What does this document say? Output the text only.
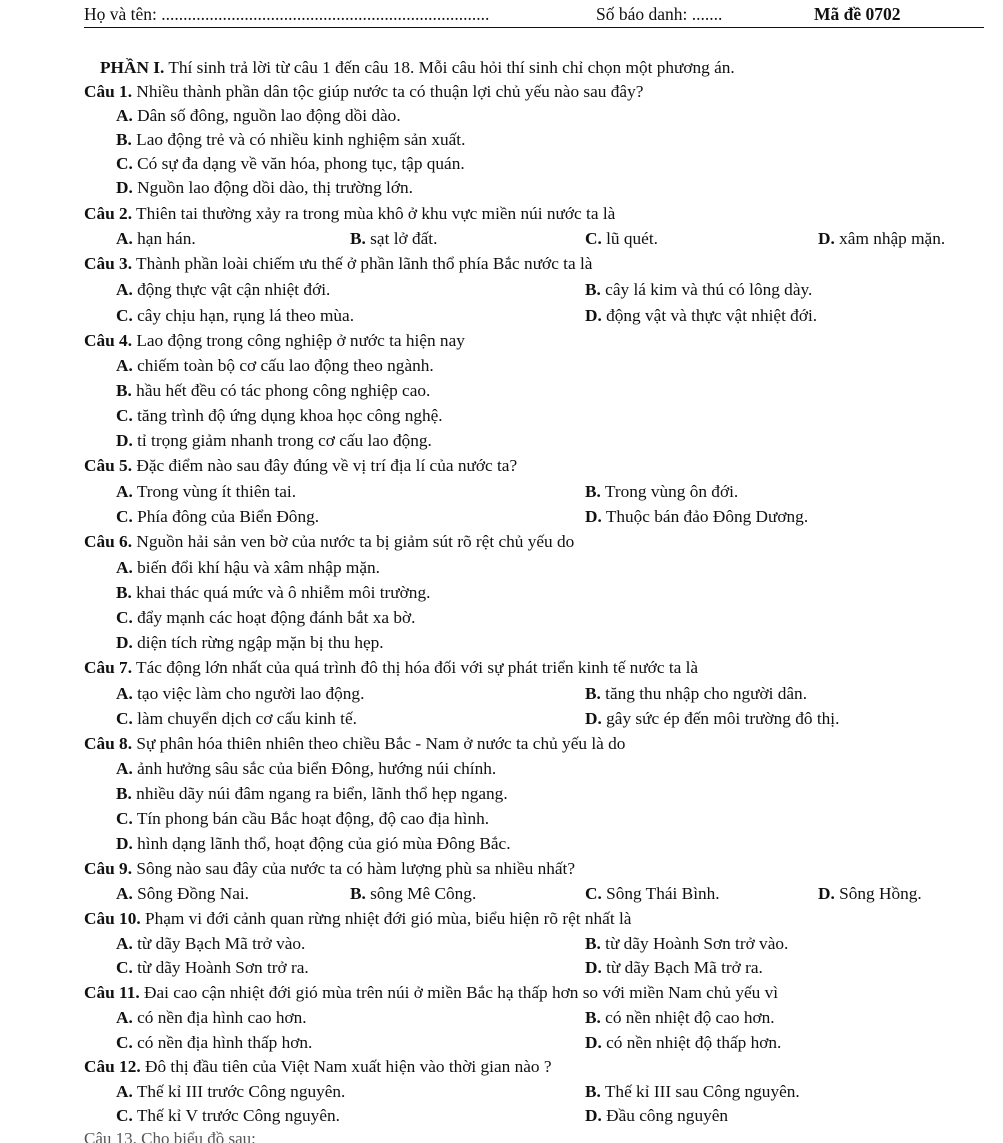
Họ và tên: ...........................................................................	Số báo danh: .......	Mã đề 0702
PHẦN I. Thí sinh trả lời từ câu 1 đến câu 18. Mỗi câu hỏi thí sinh chỉ chọn một phương án.
Câu 1. Nhiều thành phần dân tộc giúp nước ta có thuận lợi chủ yếu nào sau đây?
A. Dân số đông, nguồn lao động dồi dào.
B. Lao động trẻ và có nhiều kinh nghiệm sản xuất.
C. Có sự đa dạng về văn hóa, phong tục, tập quán.
D. Nguồn lao động dồi dào, thị trường lớn.
Câu 2. Thiên tai thường xảy ra trong mùa khô ở khu vực miền núi nước ta là
A. hạn hán.	B. sạt lở đất.	C. lũ quét.	D. xâm nhập mặn.
Câu 3. Thành phần loài chiếm ưu thế ở phần lãnh thổ phía Bắc nước ta là
A. động thực vật cận nhiệt đới.	B. cây lá kim và thú có lông dày.
C. cây chịu hạn, rụng lá theo mùa.	D. động vật và thực vật nhiệt đới.
Câu 4. Lao động trong công nghiệp ở nước ta hiện nay
A. chiếm toàn bộ cơ cấu lao động theo ngành.
B. hầu hết đều có tác phong công nghiệp cao.
C. tăng trình độ ứng dụng khoa học công nghệ.
D. tỉ trọng giảm nhanh trong cơ cấu lao động.
Câu 5. Đặc điểm nào sau đây đúng về vị trí địa lí của nước ta?
A. Trong vùng ít thiên tai.	B. Trong vùng ôn đới.
C. Phía đông của Biển Đông.	D. Thuộc bán đảo Đông Dương.
Câu 6. Nguồn hải sản ven bờ của nước ta bị giảm sút rõ rệt chủ yếu do
A. biến đổi khí hậu và xâm nhập mặn.
B. khai thác quá mức và ô nhiễm môi trường.
C. đẩy mạnh các hoạt động đánh bắt xa bờ.
D. diện tích rừng ngập mặn bị thu hẹp.
Câu 7. Tác động lớn nhất của quá trình đô thị hóa đối với sự phát triển kinh tế nước ta là
A. tạo việc làm cho người lao động.	B. tăng thu nhập cho người dân.
C. làm chuyển dịch cơ cấu kinh tế.	D. gây sức ép đến môi trường đô thị.
Câu 8. Sự phân hóa thiên nhiên theo chiều Bắc - Nam ở nước ta chủ yếu là do
A. ảnh hưởng sâu sắc của biển Đông, hướng núi chính.
B. nhiều dãy núi đâm ngang ra biển, lãnh thổ hẹp ngang.
C. Tín phong bán cầu Bắc hoạt động, độ cao địa hình.
D. hình dạng lãnh thổ, hoạt động của gió mùa Đông Bắc.
Câu 9. Sông nào sau đây của nước ta có hàm lượng phù sa nhiều nhất?
A. Sông Đồng Nai.	B. sông Mê Công.	C. Sông Thái Bình.	D. Sông Hồng.
Câu 10. Phạm vi đới cảnh quan rừng nhiệt đới gió mùa, biểu hiện rõ rệt nhất là
A. từ dãy Bạch Mã trở vào.	B. từ dãy Hoành Sơn trở vào.
C. từ dãy Hoành Sơn trở ra.	D. từ dãy Bạch Mã trở ra.
Câu 11. Đai cao cận nhiệt đới gió mùa trên núi ở miền Bắc hạ thấp hơn so với miền Nam chủ yếu vì
A. có nền địa hình cao hơn.	B. có nền nhiệt độ cao hơn.
C. có nền địa hình thấp hơn.	D. có nền nhiệt độ thấp hơn.
Câu 12. Đô thị đầu tiên của Việt Nam xuất hiện vào thời gian nào ?
A. Thế kỉ III trước Công nguyên.	B. Thế kỉ III sau Công nguyên.
C. Thế kỉ V trước Công nguyên.	D. Đầu công nguyên
Câu 13. Cho biểu đồ sau:
